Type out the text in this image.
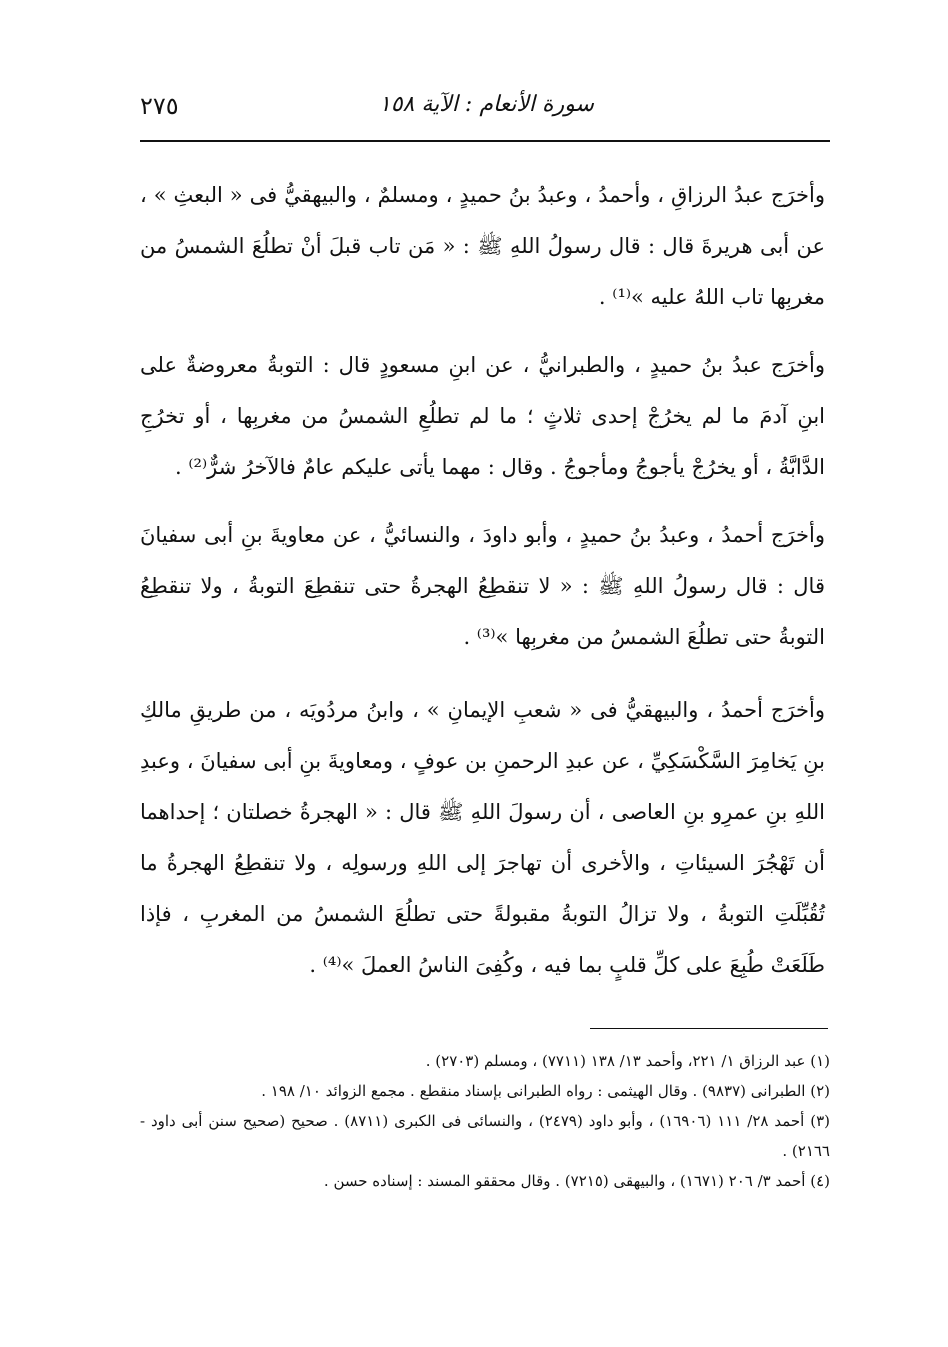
سورة الأنعام : الآية ١٥٨
٢٧٥

وأخرَج عبدُ الرزاقِ ، وأحمدُ ، وعبدُ بنُ حميدٍ ، ومسلمٌ ، والبيهقيُّ فى « البعثِ » ، عن أبى هريرةَ قال : قال رسولُ اللهِ ﷺ : « مَن تاب قبلَ أنْ تطلُعَ الشمسُ من مغربِها تاب اللهُ عليه »⁽¹⁾ .

وأخرَج عبدُ بنُ حميدٍ ، والطبرانيُّ ، عن ابنِ مسعودٍ قال : التوبةُ معروضةٌ على ابنِ آدمَ ما لم يخرُجْ إحدى ثلاثٍ ؛ ما لم تطلُعِ الشمسُ من مغربِها ، أو تخرُجِ الدَّابَّةُ ، أو يخرُجْ يأجوجُ ومأجوجُ . وقال : مهما يأتى عليكم عامٌ فالآخرُ شرٌّ⁽²⁾ .

وأخرَج أحمدُ ، وعبدُ بنُ حميدٍ ، وأبو داودَ ، والنسائيُّ ، عن معاويةَ بنِ أبى سفيانَ قال : قال رسولُ اللهِ ﷺ : « لا تنقطِعُ الهجرةُ حتى تنقطِعَ التوبةُ ، ولا تنقطِعُ التوبةُ حتى تطلُعَ الشمسُ من مغربِها »⁽³⁾ .

وأخرَج أحمدُ ، والبيهقيُّ فى « شعبِ الإيمانِ » ، وابنُ مردُويَه ، من طريقِ مالكِ بنِ يَخامِرَ السَّكْسَكِيِّ ، عن عبدِ الرحمنِ بن عوفٍ ، ومعاويةَ بنِ أبى سفيانَ ، وعبدِ اللهِ بنِ عمرِو بنِ العاصى ، أن رسولَ اللهِ ﷺ قال : « الهجرةُ خصلتان ؛ إحداهما أن تَهْجُرَ السيئاتِ ، والأخرى أن تهاجرَ إلى اللهِ ورسولِه ، ولا تنقطِعُ الهجرةُ ما تُقُبِّلَتِ التوبةُ ، ولا تزالُ التوبةُ مقبولةً حتى تطلُعَ الشمسُ من المغربِ ، فإذا طَلَعَتْ طُبِعَ على كلِّ قلبٍ بما فيه ، وكُفِىَ الناسُ العملَ »⁽⁴⁾ .

(١) عبد الرزاق ١/ ٢٢١، وأحمد ١٣/ ١٣٨ (٧٧١١) ، ومسلم (٢٧٠٣) .

(٢) الطبرانى (٩٨٣٧) . وقال الهيثمى : رواه الطبرانى بإسناد منقطع . مجمع الزوائد ١٠/ ١٩٨ .

(٣) أحمد ٢٨/ ١١١ (١٦٩٠٦) ، وأبو داود (٢٤٧٩) ، والنسائى فى الكبرى (٨٧١١) . صحيح (صحيح سنن أبى داود - ٢١٦٦) .

(٤) أحمد ٣/ ٢٠٦ (١٦٧١) ، والبيهقى (٧٢١٥) . وقال محققو المسند : إسناده حسن .
